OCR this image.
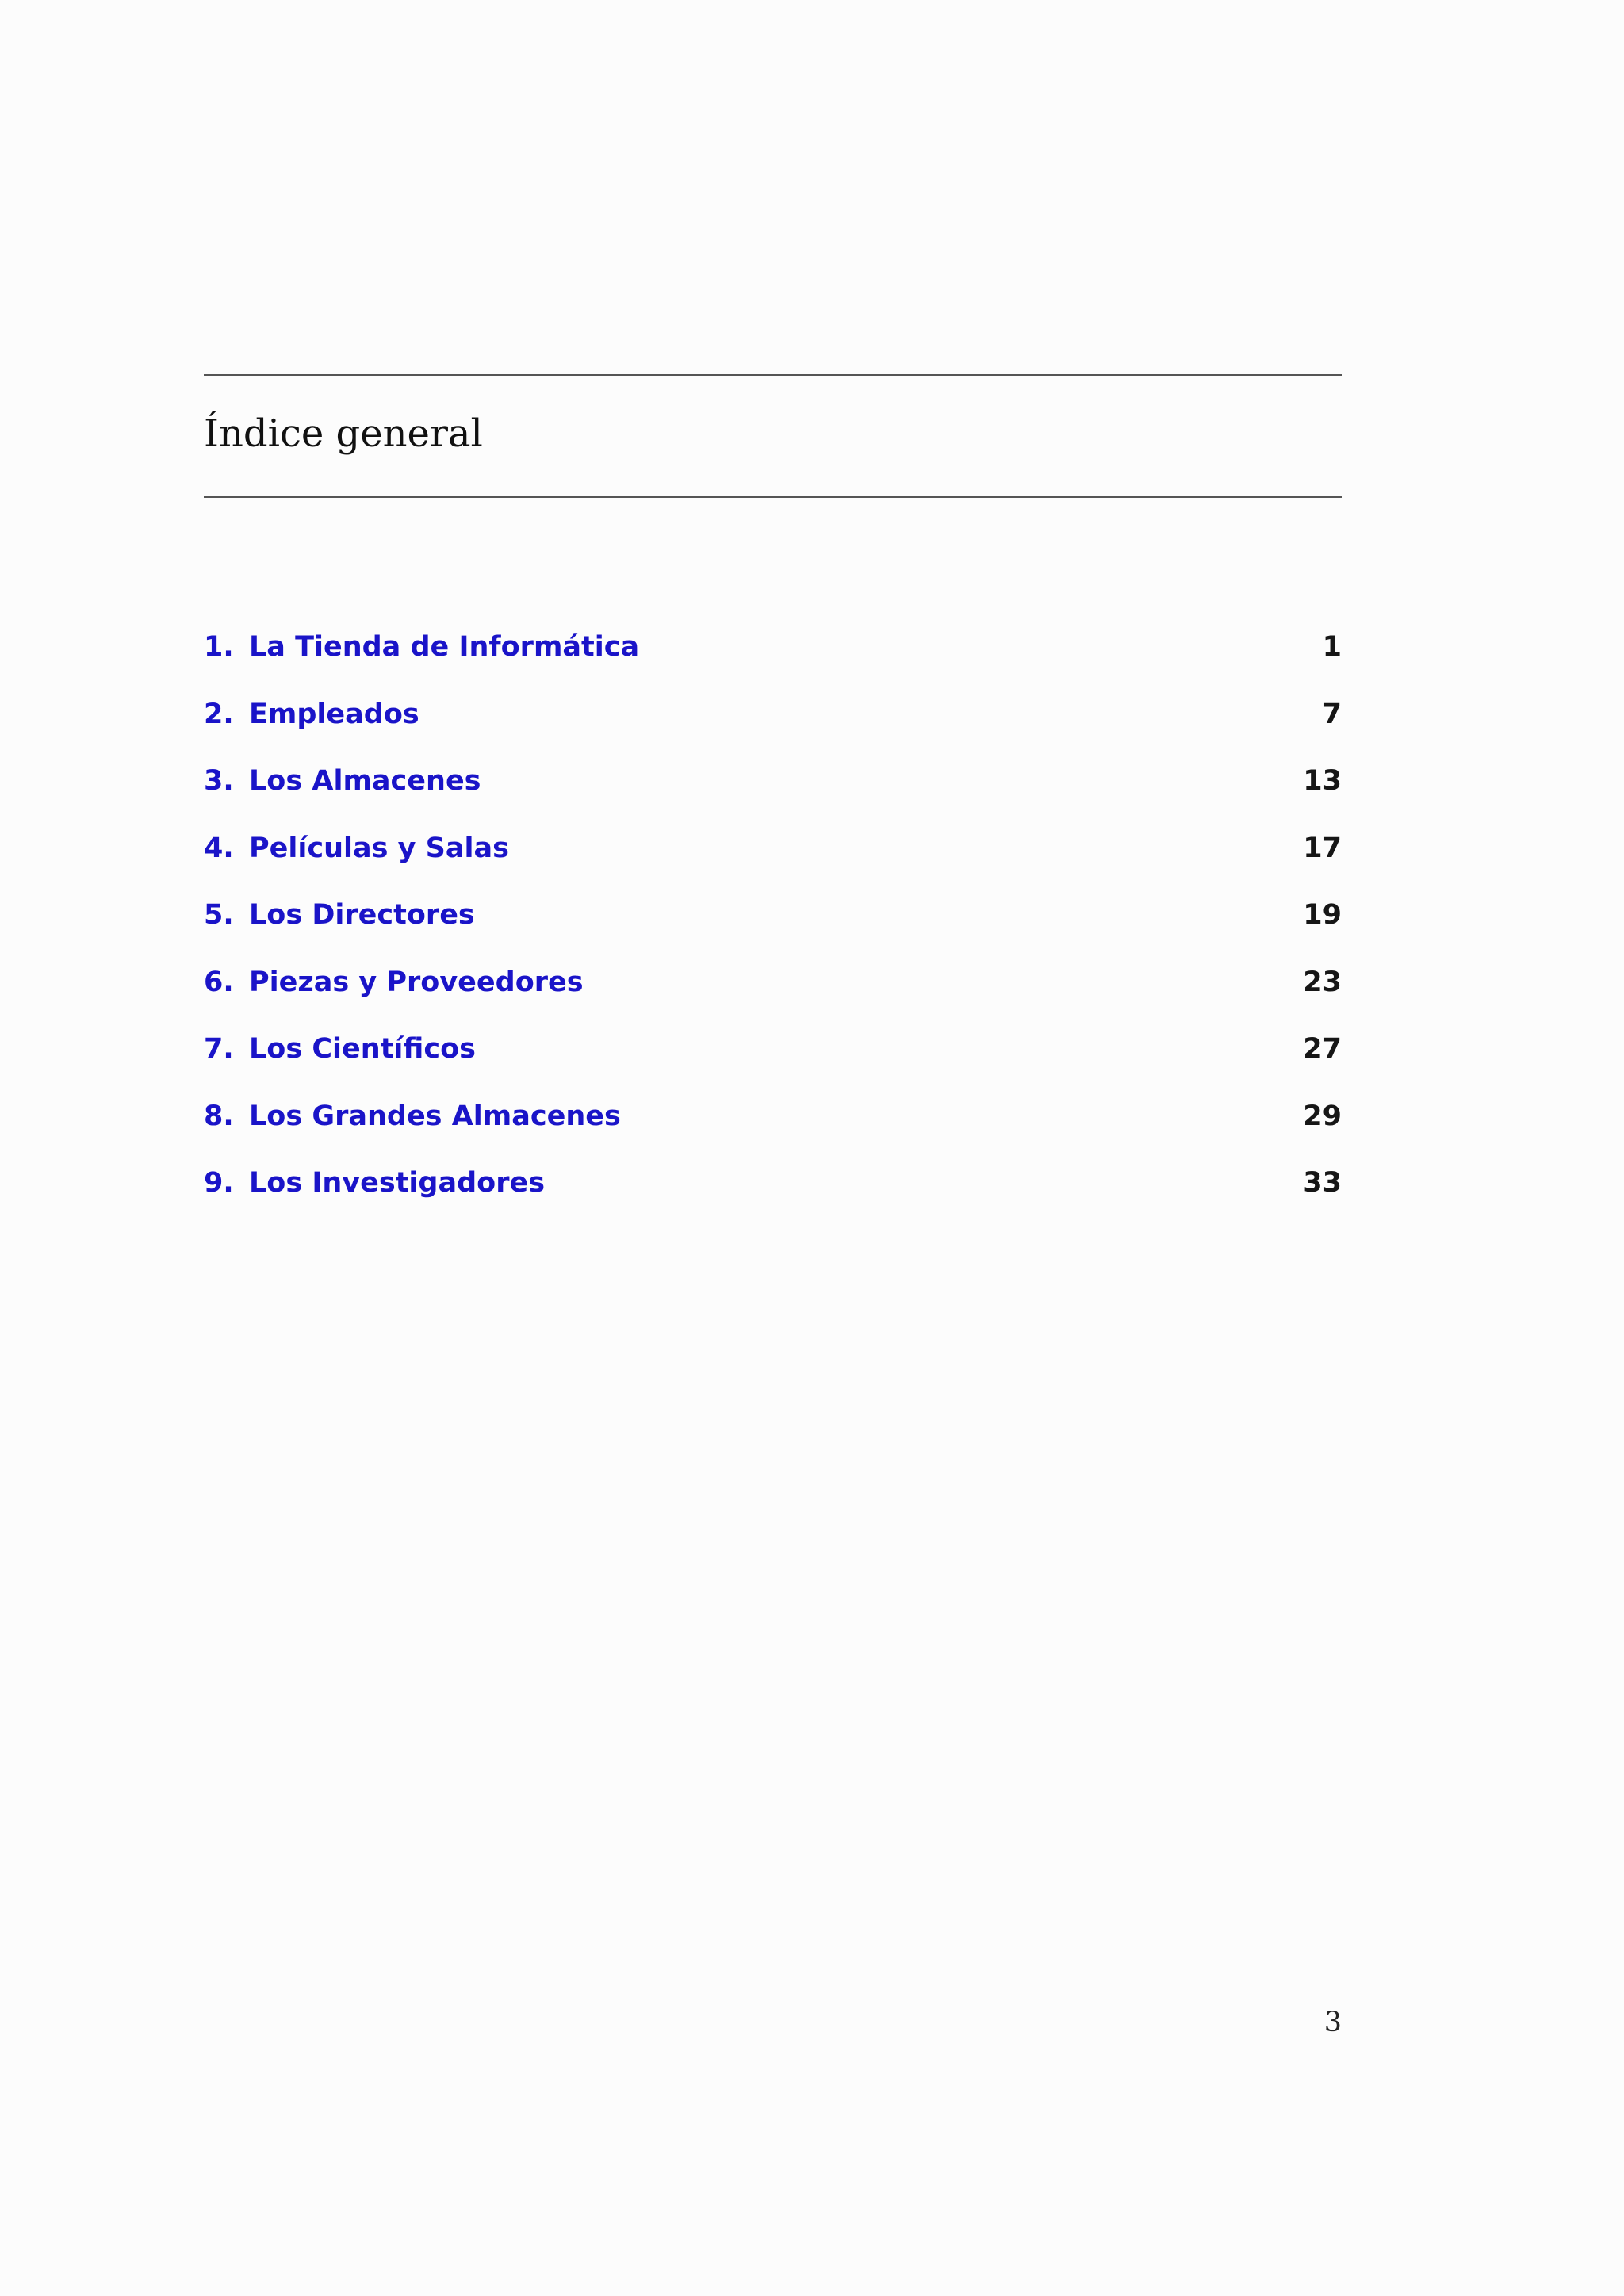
Índice general
1. La Tienda de Informática	1
2. Empleados	7
3. Los Almacenes	13
4. Películas y Salas	17
5. Los Directores	19
6. Piezas y Proveedores	23
7. Los Científicos	27
8. Los Grandes Almacenes	29
9. Los Investigadores	33
3
